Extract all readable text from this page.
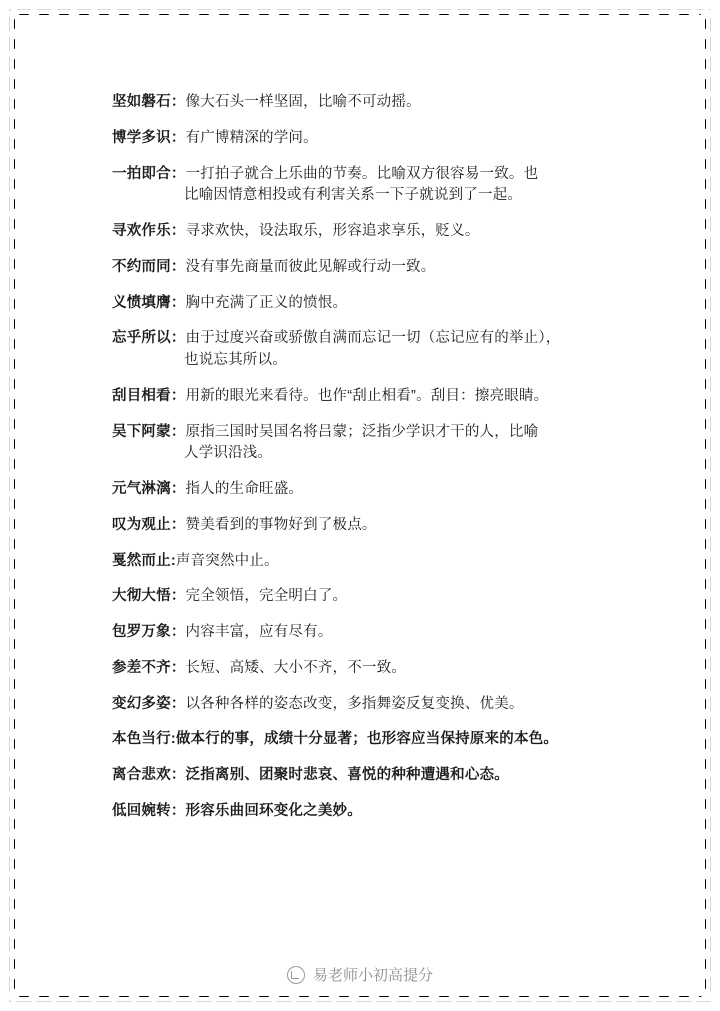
坚如磐石：像大石头一样坚固，比喻不可动摇。
博学多识：有广博精深的学问。
一拍即合：一打拍子就合上乐曲的节奏。比喻双方很容易一致。也
比喻因情意相投或有利害关系一下子就说到了一起。
寻欢作乐：寻求欢快，设法取乐，形容追求享乐，贬义。
不约而同：没有事先商量而彼此见解或行动一致。
义愤填膺：胸中充满了正义的愤恨。
忘乎所以：由于过度兴奋或骄傲自满而忘记一切（忘记应有的举止），
也说忘其所以。
刮目相看：用新的眼光来看待。也作“刮止相看”。刮目：擦亮眼睛。
吴下阿蒙：原指三国时吴国名将吕蒙；泛指少学识才干的人，比喻
人学识沿浅。
元气淋漓：指人的生命旺盛。
叹为观止：赞美看到的事物好到了极点。
戛然而止:声音突然中止。
大彻大悟：完全领悟，完全明白了。
包罗万象：内容丰富，应有尽有。
参差不齐：长短、高矮、大小不齐，不一致。
变幻多姿：以各种各样的姿态改变，多指舞姿反复变换、优美。
本色当行:做本行的事，成绩十分显著；也形容应当保持原来的本色。
离合悲欢：泛指离别、团聚时悲哀、喜悦的种种遭遇和心态。
低回婉转：形容乐曲回环变化之美妙。
易老师小初高提分
